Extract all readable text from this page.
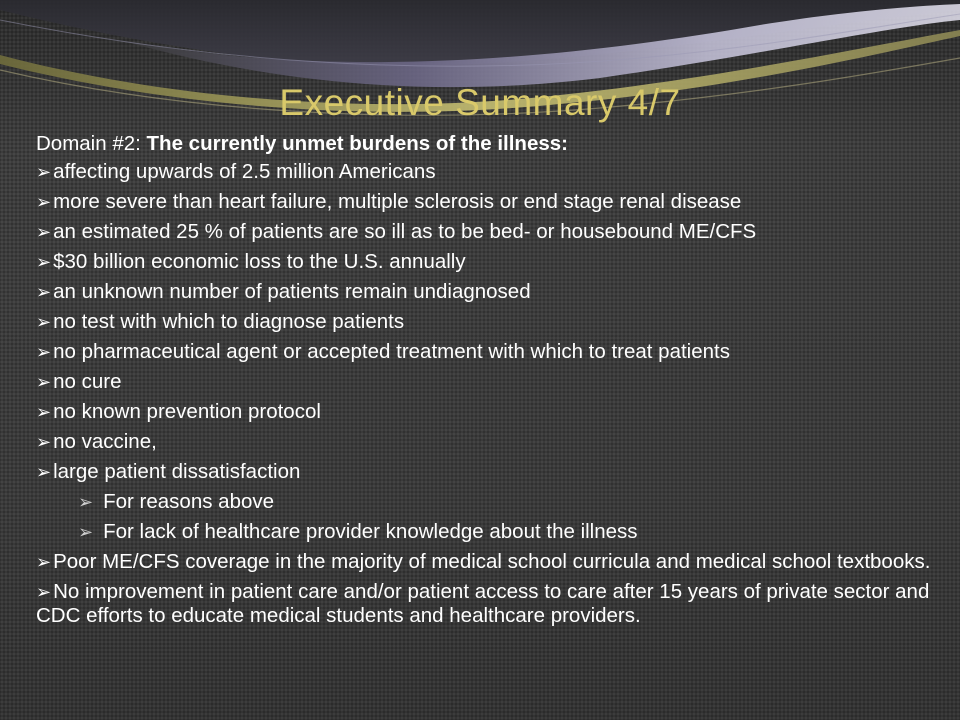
Executive Summary 4/7

Domain #2: The currently unmet burdens of the illness:

➢affecting upwards of 2.5 million Americans
➢more severe than heart failure, multiple sclerosis or end stage renal disease
➢an estimated 25 % of patients are so ill as to be bed- or housebound ME/CFS
➢$30 billion economic loss to the U.S. annually
➢an unknown number of patients remain undiagnosed
➢no test with which to diagnose patients
➢no pharmaceutical agent or accepted treatment with which to treat patients
➢no cure
➢no known prevention protocol
➢no vaccine,
➢large patient dissatisfaction
➢ For reasons above
➢ For lack of healthcare provider knowledge about the illness
➢Poor ME/CFS coverage in the majority of medical school curricula and medical school textbooks.
➢No improvement in patient care and/or patient access to care after 15 years of private sector and CDC efforts to educate medical students and healthcare providers.
